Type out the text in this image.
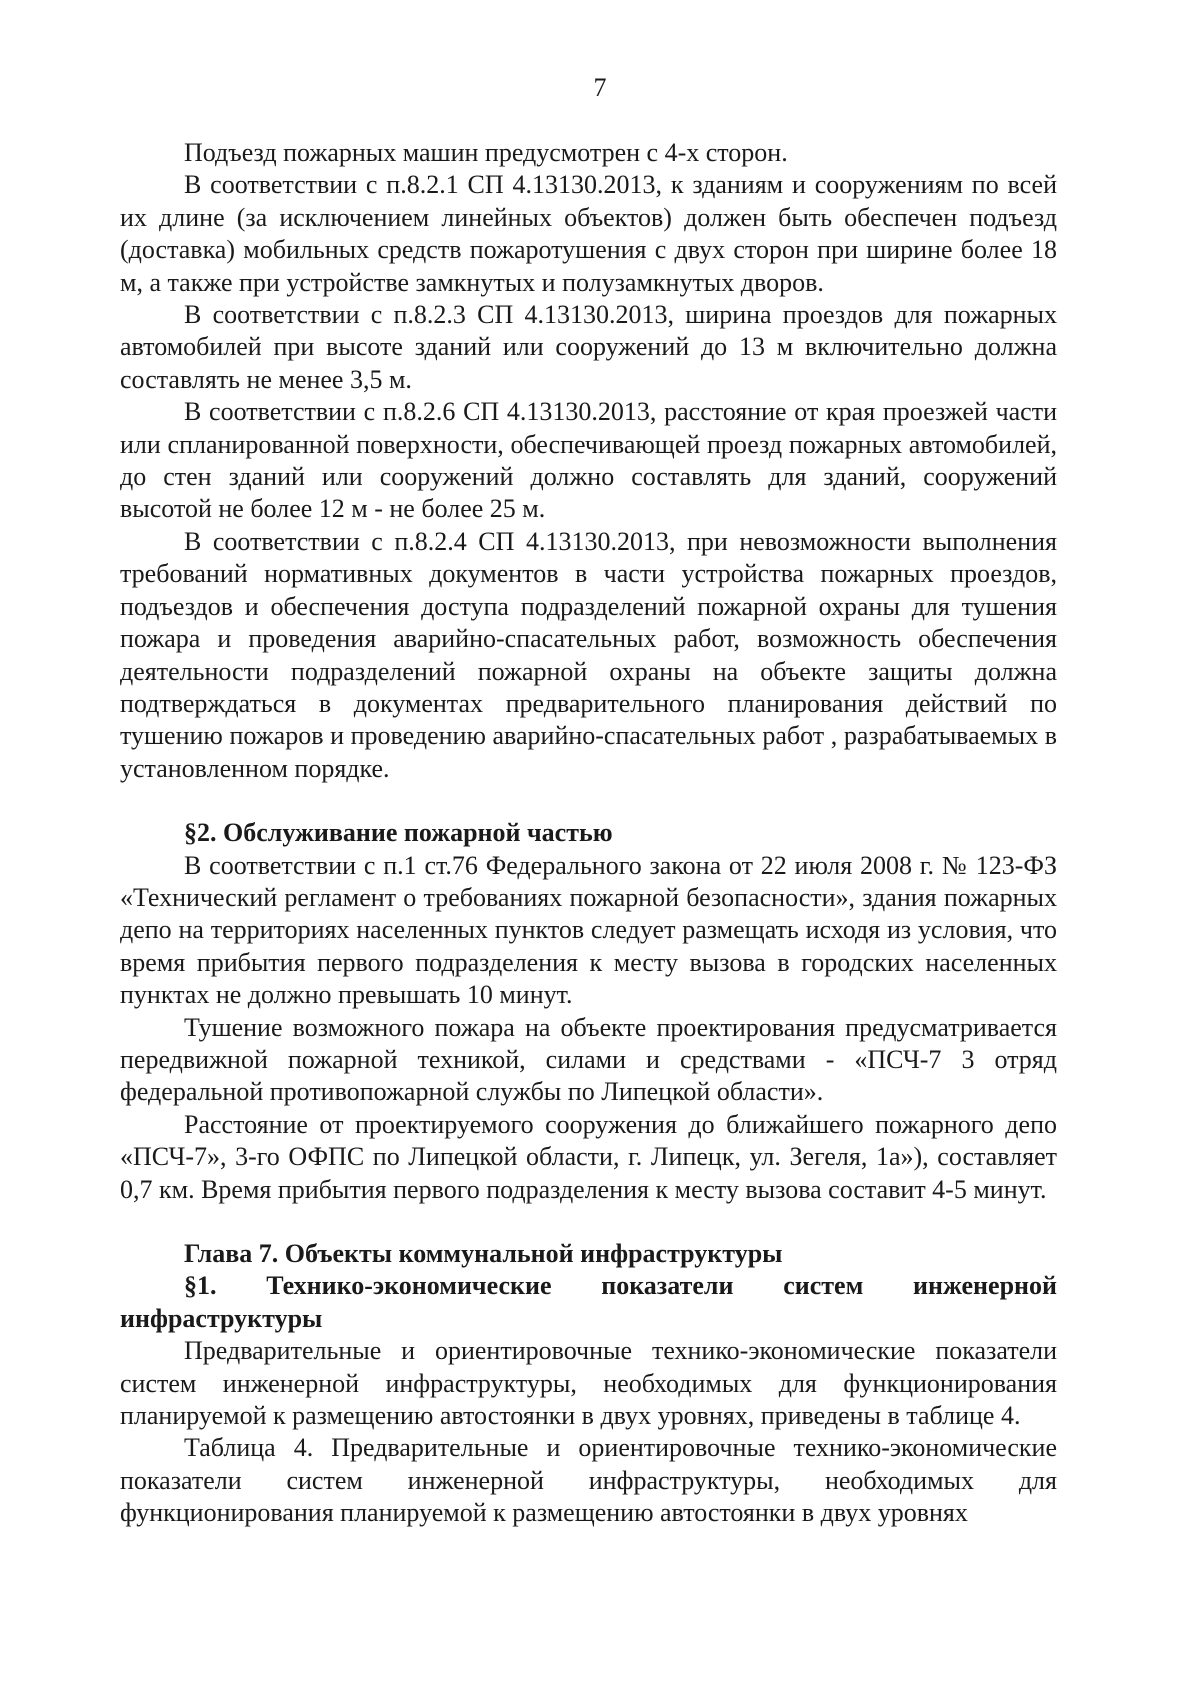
7

Подъезд пожарных машин предусмотрен с 4-х сторон.

В соответствии с п.8.2.1 СП 4.13130.2013, к зданиям и сооружениям по всей их длине (за исключением линейных объектов) должен быть обеспечен подъезд (доставка) мобильных средств пожаротушения с двух сторон при ширине более 18 м, а также при устройстве замкнутых и полузамкнутых дворов.

В соответствии с п.8.2.3 СП 4.13130.2013, ширина проездов для пожарных автомобилей при высоте зданий или сооружений до 13 м включительно должна составлять не менее 3,5 м.

В соответствии с п.8.2.6 СП 4.13130.2013, расстояние от края проезжей части или спланированной поверхности, обеспечивающей проезд пожарных автомобилей, до стен зданий или сооружений должно составлять для зданий, сооружений высотой не более 12 м - не более 25 м.

В соответствии с п.8.2.4 СП 4.13130.2013, при невозможности выполнения требований нормативных документов в части устройства пожарных проездов, подъездов и обеспечения доступа подразделений пожарной охраны для тушения пожара и проведения аварийно-спасательных работ, возможность обеспечения деятельности подразделений пожарной охраны на объекте защиты должна подтверждаться в документах предварительного планирования действий по тушению пожаров и проведению аварийно-спасательных работ , разрабатываемых в установленном порядке.

§2. Обслуживание пожарной частью

В соответствии с п.1 ст.76 Федерального закона от 22 июля 2008 г. № 123-ФЗ «Технический регламент о требованиях пожарной безопасности», здания пожарных депо на территориях населенных пунктов следует размещать исходя из условия, что время прибытия первого подразделения к месту вызова в городских населенных пунктах не должно превышать 10 минут.

Тушение возможного пожара на объекте проектирования предусматривается передвижной пожарной техникой, силами и средствами - «ПСЧ-7 3 отряд федеральной противопожарной службы по Липецкой области».

Расстояние от проектируемого сооружения до ближайшего пожарного депо «ПСЧ-7», 3-го ОФПС по Липецкой области, г. Липецк, ул. Зегеля, 1а»), составляет 0,7 км. Время прибытия первого подразделения к месту вызова составит 4-5 минут.

Глава 7. Объекты коммунальной инфраструктуры
§1. Технико-экономические показатели систем инженерной инфраструктуры

Предварительные и ориентировочные технико-экономические показатели систем инженерной инфраструктуры, необходимых для функционирования планируемой к размещению автостоянки в двух уровнях, приведены в таблице 4.

Таблица 4. Предварительные и ориентировочные технико-экономические показатели систем инженерной инфраструктуры, необходимых для функционирования планируемой к размещению автостоянки в двух уровнях
